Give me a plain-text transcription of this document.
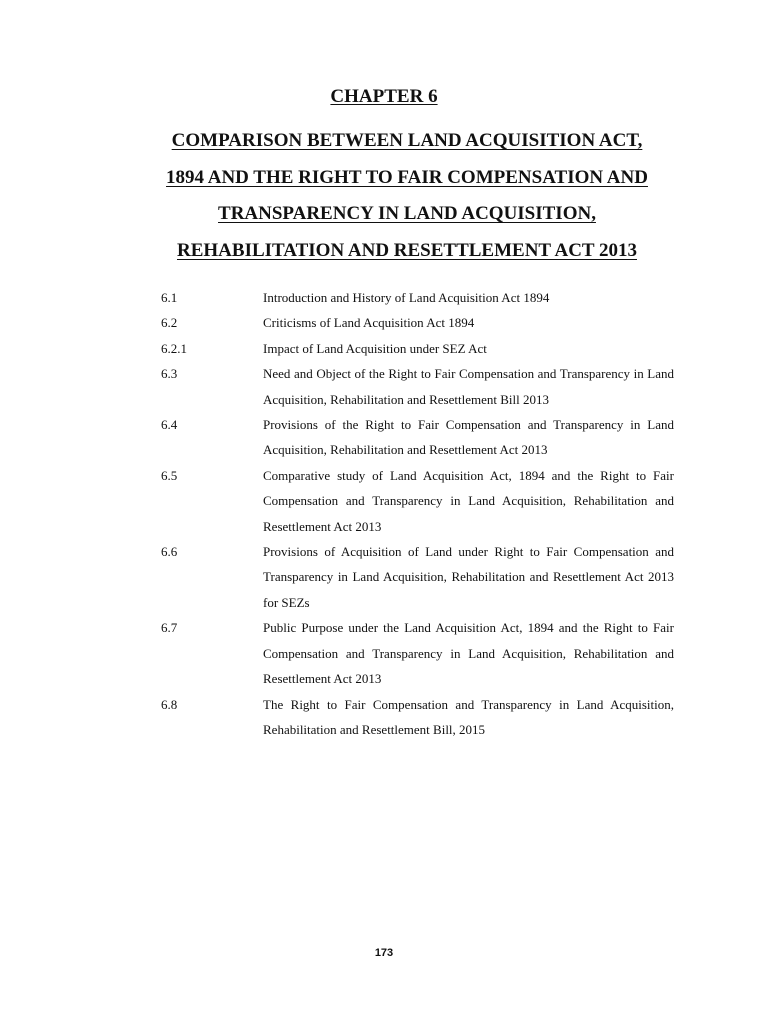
CHAPTER 6
COMPARISON BETWEEN LAND ACQUISITION ACT,
1894 AND THE RIGHT TO FAIR COMPENSATION AND
TRANSPARENCY IN LAND ACQUISITION,
REHABILITATION AND RESETTLEMENT ACT 2013
6.1	Introduction and History of Land Acquisition Act 1894
6.2	Criticisms of Land Acquisition Act 1894
6.2.1	Impact of Land Acquisition under SEZ Act
6.3	Need and Object of the Right to Fair Compensation and Transparency in Land Acquisition, Rehabilitation and Resettlement Bill 2013
6.4	Provisions of the Right to Fair Compensation and Transparency in Land Acquisition, Rehabilitation and Resettlement Act 2013
6.5	Comparative study of Land Acquisition Act, 1894 and the Right to Fair Compensation and Transparency in Land Acquisition, Rehabilitation and Resettlement Act 2013
6.6	Provisions of Acquisition of Land under Right to Fair Compensation and Transparency in Land Acquisition, Rehabilitation and Resettlement Act 2013 for SEZs
6.7	Public Purpose under the Land Acquisition Act, 1894 and the Right to Fair Compensation and Transparency in Land Acquisition, Rehabilitation and Resettlement Act 2013
6.8	The Right to Fair Compensation and Transparency in Land Acquisition, Rehabilitation and Resettlement Bill, 2015
173
